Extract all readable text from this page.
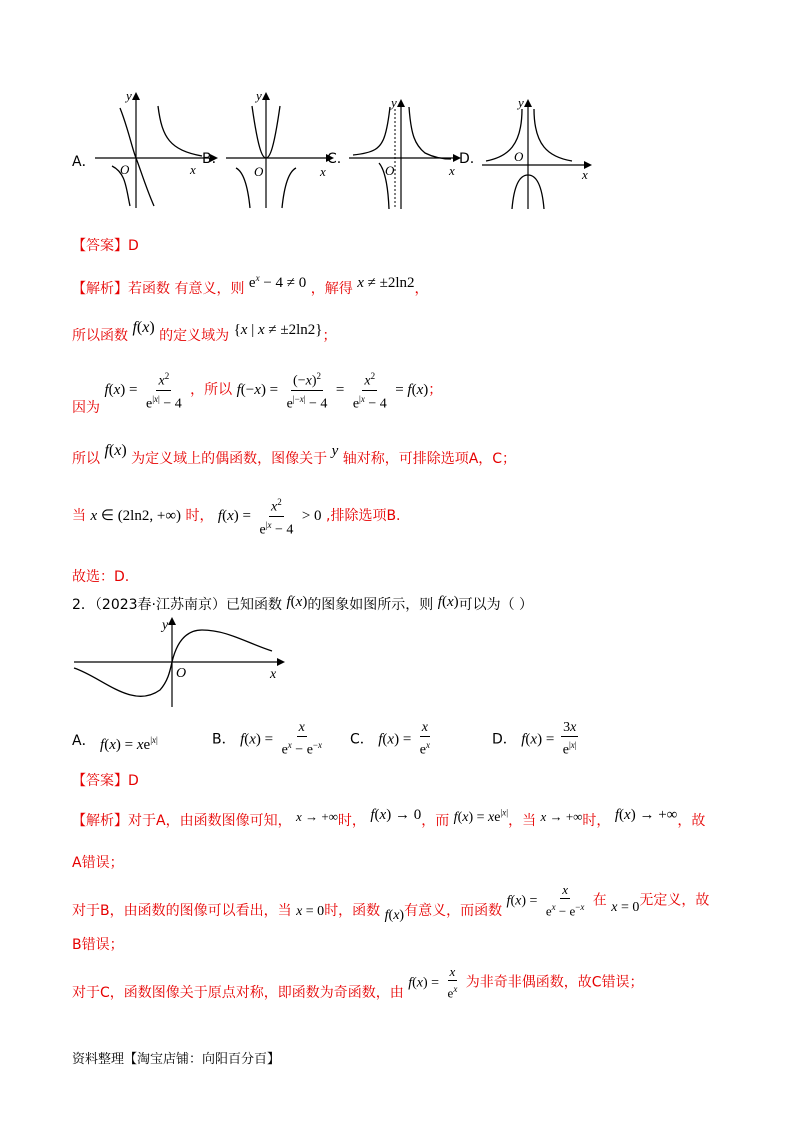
A．
y
x
O
B.
y
x
O
C.
y
x
O
D.
y
x
O
【答案】D
【解析】若函数 有意义，则 $e^x - 4 \ne 0$ ，解得 x ≠ ±2ln2，
所以函数 f(x) 的定义域为 {x | x ≠ ±2ln2}；
因为 $f(x) = \frac{x^2}{e^{|x|} - 4}$ ，所以 $f(-x) = \frac{(-x)^2}{e^{|-x|} - 4} = \frac{x^2}{e^{|x} - 4} = f(x)$；
所以 f(x) 为定义域上的偶函数，图像关于 y 轴对称，可排除选项A，C；
当 x ∈ (2ln2, +∞) 时， $f(x) = \frac{x^2}{e^{|x} - 4} > 0$ ,排除选项B.
故选：D.
2．（2023春·江苏南京）已知函数 f(x)的图象如图所示，则 f(x)可以为（ ）
y
x
O
A． $f(x) = xe^{|x|}$	B． $f(x) = \frac{x}{e^x - e^{-x}}$ C． $f(x) = \frac{x}{e^x}$	D． $f(x) = \frac{3x}{e^{|x|}}$
【答案】D
【解析】对于A，由函数图像可知， x → +∞时， f(x) → 0，而 $f(x) = xe^{|x|}$，当 x → +∞时， f(x) → +∞，故
A错误；
对于B，由函数的图像可以看出，当 x = 0时，函数 f(x)有意义，而函数 $f(x) = \frac{x}{e^x - e^{-x}}$ 在 x = 0无定义，故
B错误；
对于C，函数图像关于原点对称，即函数为奇函数，由 $f(x) = \frac{x}{e^x}$ 为非奇非偶函数，故C错误；
资料整理【淘宝店铺：向阳百分百】
